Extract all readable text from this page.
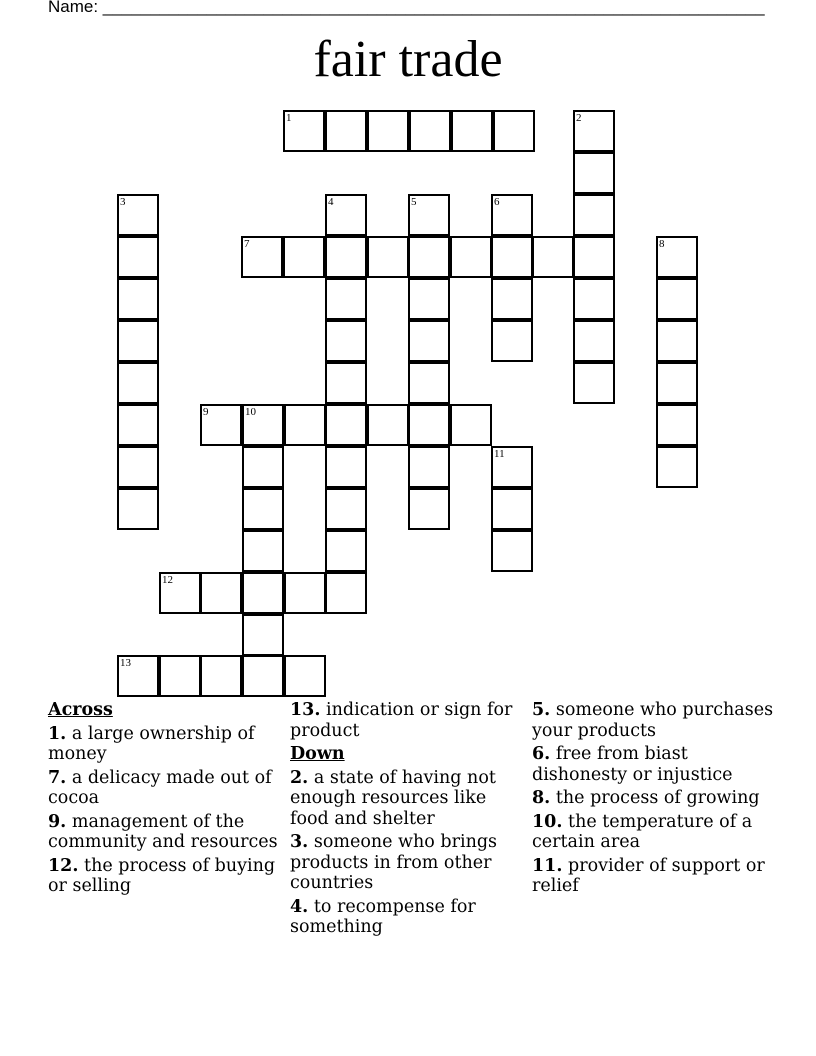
Name: ______________________________________________________________________
fair trade
1	2
3	4	5	6
7	8
9	10
11
12
13
Across
1. a large ownership of money
7. a delicacy made out of cocoa
9. management of the community and resources
12. the process of buying or selling
13. indication or sign for product
Down
2. a state of having not enough resources like food and shelter
3. someone who brings products in from other countries
4. to recompense for something
5. someone who purchases your products
6. free from biast dishonesty or injustice
8. the process of growing
10. the temperature of a certain area
11. provider of support or relief
